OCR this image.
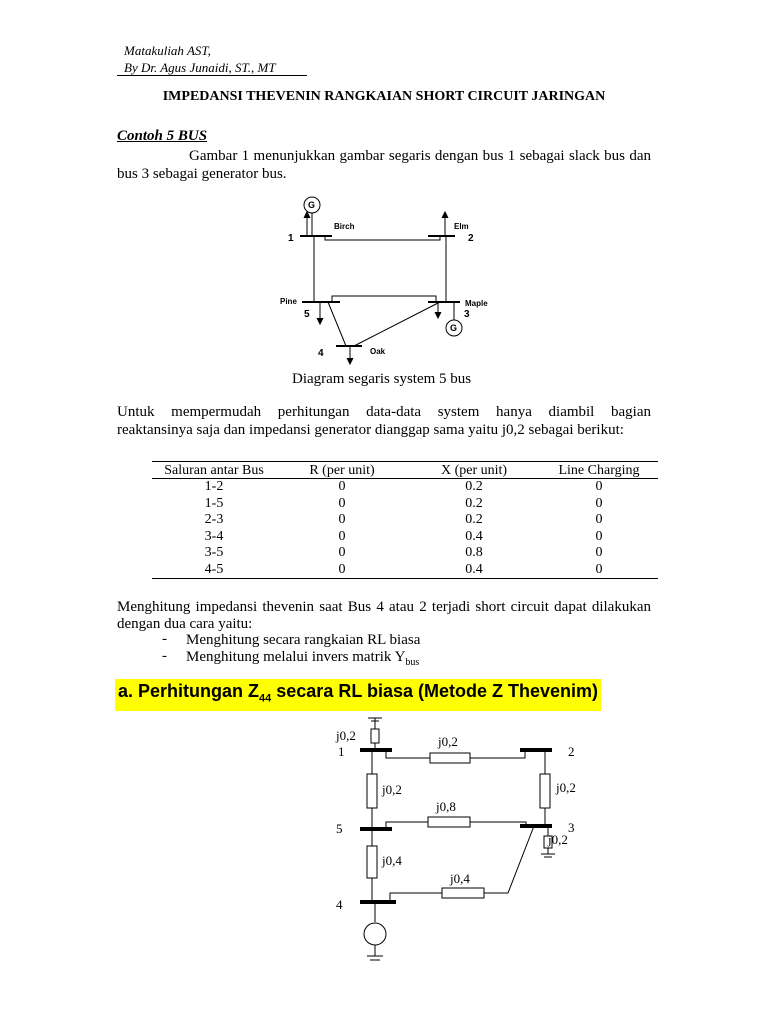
Matakuliah AST,
By Dr. Agus Junaidi, ST., MT
IMPEDANSI THEVENIN RANGKAIAN SHORT CIRCUIT JARINGAN
Contoh 5 BUS
Gambar 1 menunjukkan gambar segaris dengan bus 1 sebagai slack bus dan
bus 3 sebagai generator bus.
G
G
1	2
3
4
5
Birch	Elm
Maple
Oak
Pine
Diagram segaris system 5 bus
Untuk mempermudah perhitungan data-data system hanya diambil bagian
reaktansinya saja dan impedansi generator dianggap sama yaitu j0,2 sebagai berikut:
Saluran antar Bus	R (per unit)	X (per unit)	Line Charging
1-2	0	0.2	0
1-5	0	0.2	0
2-3	0	0.2	0
3-4	0	0.4	0
3-5	0	0.8	0
4-5	0	0.4	0
Menghitung impedansi thevenin saat Bus 4 atau 2 terjadi short circuit dapat dilakukan
dengan dua cara yaitu:
- Menghitung secara rangkaian RL biasa
- Menghitung melalui invers matrik $Y_{bus}$
a. Perhitungan $Z_{44}$ secara RL biasa (Metode Z Thevenim)
j0,2	j0,2
j0,2	j0,2
j0,8
j0,2
j0,4
j0,4
1	2
3
4
5
